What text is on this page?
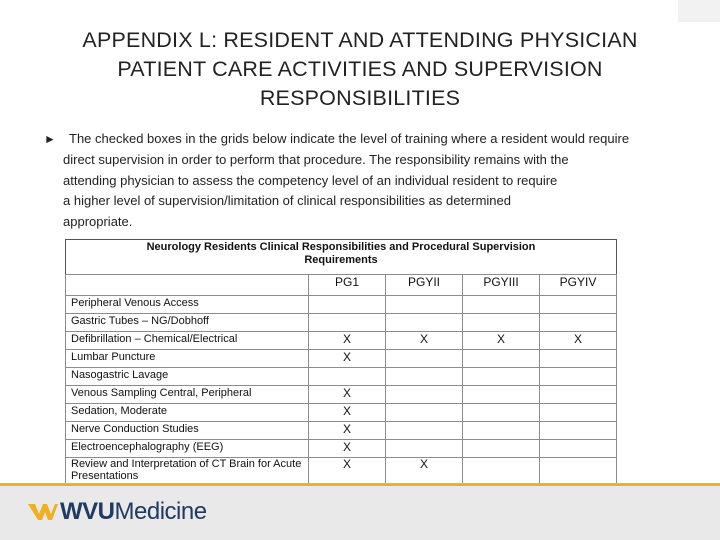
APPENDIX L: RESIDENT AND ATTENDING PHYSICIAN
PATIENT CARE ACTIVITIES AND SUPERVISION
RESPONSIBILITIES
► The checked boxes in the grids below indicate the level of training where a resident would require
direct supervision in order to perform that procedure. The responsibility remains with the
attending physician to assess the competency level of an individual resident to require
a higher level of supervision/limitation of clinical responsibilities as determined
appropriate.
Neurology Residents Clinical Responsibilities and Procedural Supervision
Requirements
	PG1	PGYII	PGYIII	PGYIV
Peripheral Venous Access				
Gastric Tubes – NG/Dobhoff				
Defibrillation – Chemical/Electrical	X	X	X	X
Lumbar Puncture	X			
Nasogastric Lavage				
Venous Sampling Central, Peripheral	X			
Sedation, Moderate	X			
Nerve Conduction Studies	X			
Electroencephalography (EEG)	X			
Review and Interpretation of CT Brain for Acute Presentations	X	X		
WVUMedicine
